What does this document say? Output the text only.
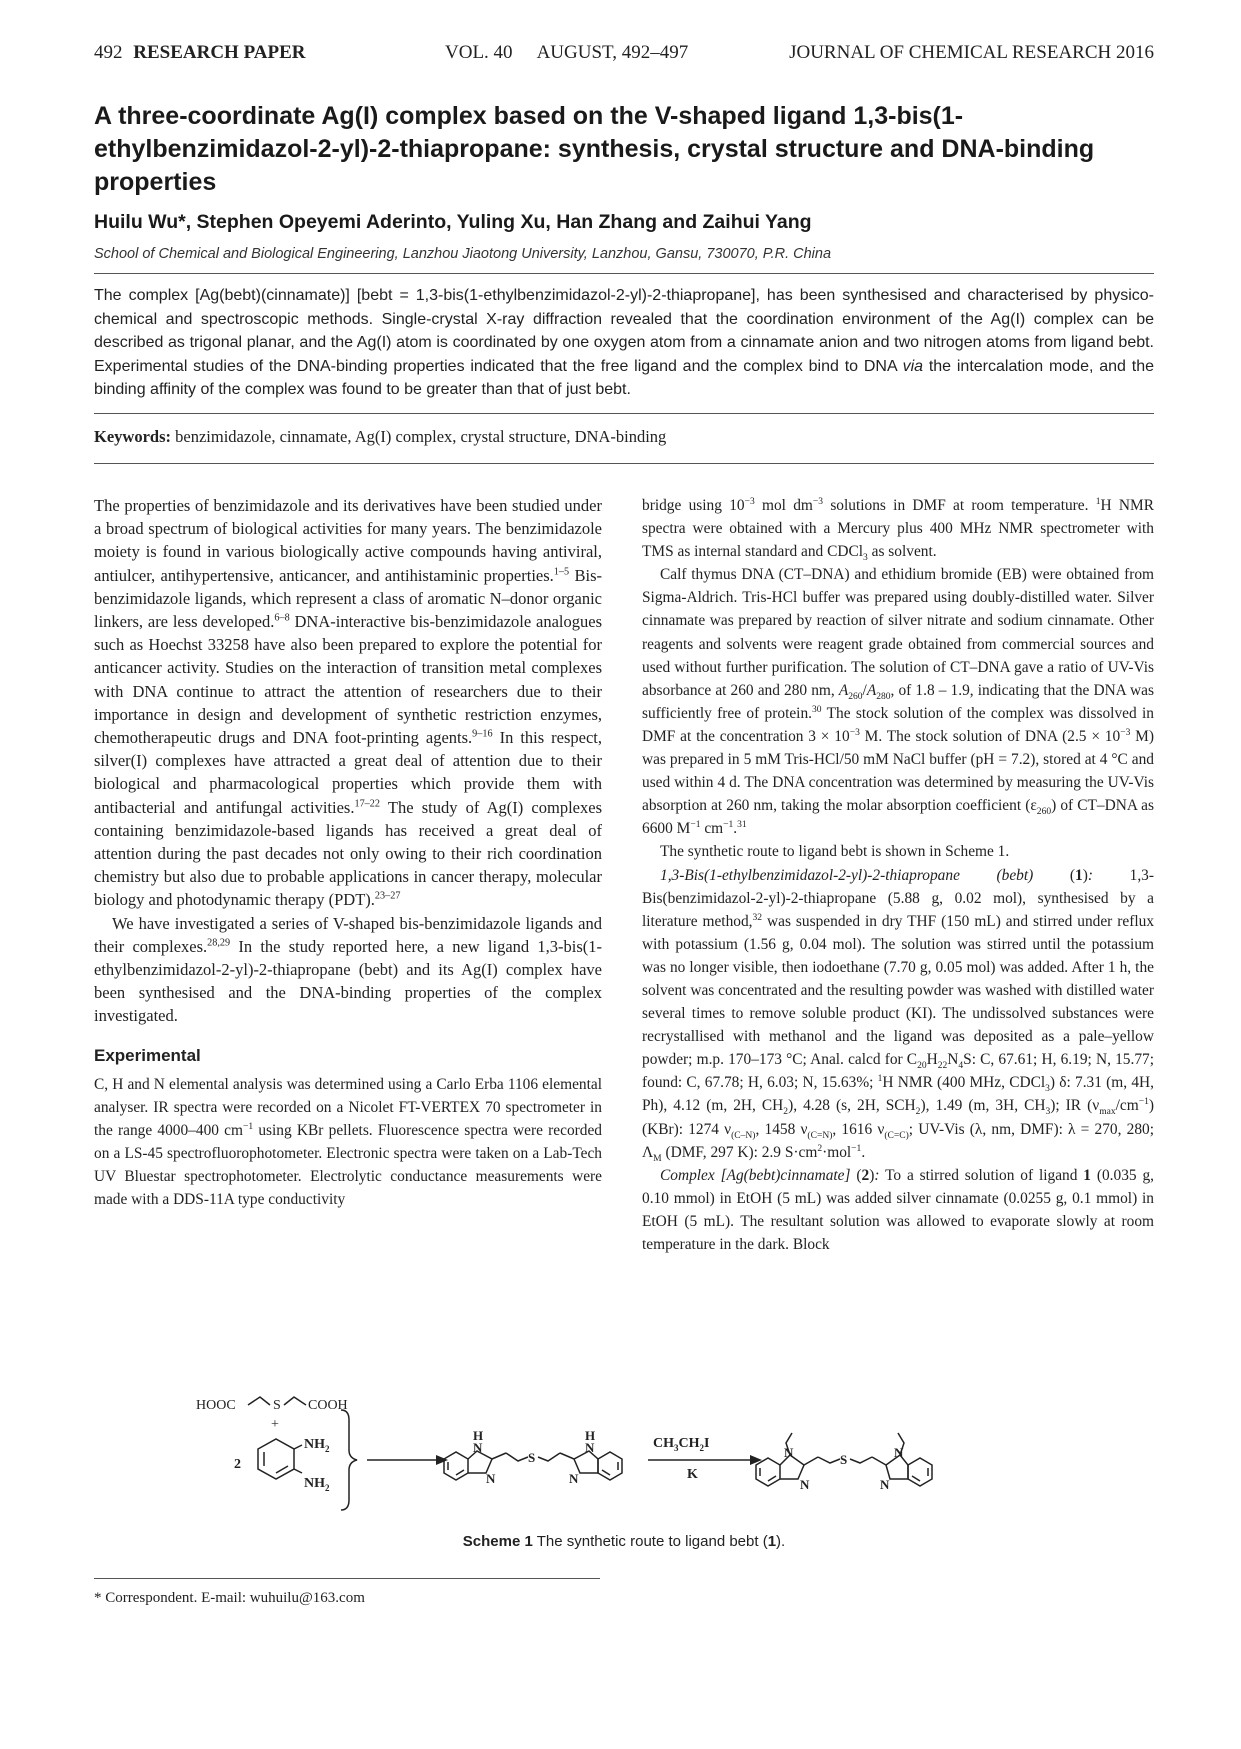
492 RESEARCH PAPER	VOL. 40 AUGUST, 492–497	JOURNAL OF CHEMICAL RESEARCH 2016
A three-coordinate Ag(I) complex based on the V-shaped ligand 1,3-bis(1-ethylbenzimidazol-2-yl)-2-thiapropane: synthesis, crystal structure and DNA-binding properties

Huilu Wu*, Stephen Opeyemi Aderinto, Yuling Xu, Han Zhang and Zaihui Yang

School of Chemical and Biological Engineering, Lanzhou Jiaotong University, Lanzhou, Gansu, 730070, P.R. China

The complex [Ag(bebt)(cinnamate)] [bebt = 1,3-bis(1-ethylbenzimidazol-2-yl)-2-thiapropane], has been synthesised and characterised by physico-chemical and spectroscopic methods. Single-crystal X-ray diffraction revealed that the coordination environment of the Ag(I) complex can be described as trigonal planar, and the Ag(I) atom is coordinated by one oxygen atom from a cinnamate anion and two nitrogen atoms from ligand bebt. Experimental studies of the DNA-binding properties indicated that the free ligand and the complex bind to DNA via the intercalation mode, and the binding affinity of the complex was found to be greater than that of just bebt.

Keywords: benzimidazole, cinnamate, Ag(I) complex, crystal structure, DNA-binding

The properties of benzimidazole and its derivatives have been studied under a broad spectrum of biological activities for many years. The benzimidazole moiety is found in various biologically active compounds having antiviral, antiulcer, antihypertensive, anticancer, and antihistaminic properties.$^{1-5}$ Bis-benzimidazole ligands, which represent a class of aromatic N–donor organic linkers, are less developed.$^{6-8}$ DNA-interactive bis-benzimidazole analogues such as Hoechst 33258 have also been prepared to explore the potential for anticancer activity. Studies on the interaction of transition metal complexes with DNA continue to attract the attention of researchers due to their importance in design and development of synthetic restriction enzymes, chemotherapeutic drugs and DNA foot-printing agents.$^{9-16}$ In this respect, silver(I) complexes have attracted a great deal of attention due to their biological and pharmacological properties which provide them with antibacterial and antifungal activities.$^{17-22}$ The study of Ag(I) complexes containing benzimidazole-based ligands has received a great deal of attention during the past decades not only owing to their rich coordination chemistry but also due to probable applications in cancer therapy, molecular biology and photodynamic therapy (PDT).$^{23-27}$

We have investigated a series of V-shaped bis-benzimidazole ligands and their complexes.$^{28,29}$ In the study reported here, a new ligand 1,3-bis(1-ethylbenzimidazol-2-yl)-2-thiapropane (bebt) and its Ag(I) complex have been synthesised and the DNA-binding properties of the complex investigated.

Experimental

C, H and N elemental analysis was determined using a Carlo Erba 1106 elemental analyser. IR spectra were recorded on a Nicolet FT-VERTEX 70 spectrometer in the range 4000–400 $cm^{-1}$ using KBr pellets. Fluorescence spectra were recorded on a LS-45 spectrofluorophotometer. Electronic spectra were taken on a Lab-Tech UV Bluestar spectrophotometer. Electrolytic conductance measurements were made with a DDS-11A type conductivity

bridge using $10^{-3}$ mol $dm^{-3}$ solutions in DMF at room temperature. $^1$H NMR spectra were obtained with a Mercury plus 400 MHz NMR spectrometer with TMS as internal standard and CDCl$_3$ as solvent.

Calf thymus DNA (CT–DNA) and ethidium bromide (EB) were obtained from Sigma-Aldrich. Tris-HCl buffer was prepared using doubly-distilled water. Silver cinnamate was prepared by reaction of silver nitrate and sodium cinnamate. Other reagents and solvents were reagent grade obtained from commercial sources and used without further purification. The solution of CT–DNA gave a ratio of UV-Vis absorbance at 260 and 280 nm, $A_{260}/A_{280}$, of 1.8 – 1.9, indicating that the DNA was sufficiently free of protein.$^{30}$ The stock solution of the complex was dissolved in DMF at the concentration $3 \times 10^{-3}$ M. The stock solution of DNA ($2.5 \times 10^{-3}$ M) was prepared in 5 mM Tris-HCl/50 mM NaCl buffer (pH = 7.2), stored at 4 °C and used within 4 d. The DNA concentration was determined by measuring the UV-Vis absorption at 260 nm, taking the molar absorption coefficient $(\varepsilon_{260})$ of CT–DNA as 6600 $M^{-1}$ $cm^{-1}.^{31}$

The synthetic route to ligand bebt is shown in Scheme 1.

1,3-Bis(1-ethylbenzimidazol-2-yl)-2-thiapropane (bebt) (1): 1,3-Bis(benzimidazol-2-yl)-2-thiapropane (5.88 g, 0.02 mol), synthesised by a literature method,$^{32}$ was suspended in dry THF (150 mL) and stirred under reflux with potassium (1.56 g, 0.04 mol). The solution was stirred until the potassium was no longer visible, then iodoethane (7.70 g, 0.05 mol) was added. After 1 h, the solvent was concentrated and the resulting powder was washed with distilled water several times to remove soluble product (KI). The undissolved substances were recrystallised with methanol and the ligand was deposited as a pale–yellow powder; m.p. 170–173 °C; Anal. calcd for $C_{20}H_{22}N_4S$: C, 67.61; H, 6.19; N, 15.77; found: C, 67.78; H, 6.03; N, 15.63%; $^1$H NMR (400 MHz, CDCl$_3$) δ: 7.31 (m, 4H, Ph), 4.12 (m, 2H, $CH_2$), 4.28 (s, 2H, $SCH_2$), 1.49 (m, 3H, $CH_3$); IR $(\nu_{max}/cm^{-1})$ (KBr): 1274 $\nu_{(C-N)}$, 1458 $\nu_{(C=N)}$, 1616 $\nu_{(C=C)}$; UV-Vis (λ, nm, DMF): λ = 270, 280; $\Lambda_M$ (DMF, 297 K): 2.9 $S\cdot cm^2\cdot mol^{-1}$.

Complex [Ag(bebt)cinnamate] (2): To a stirred solution of ligand 1 (0.035 g, 0.10 mmol) in EtOH (5 mL) was added silver cinnamate (0.0255 g, 0.1 mmol) in EtOH (5 mL). The resultant solution was allowed to evaporate slowly at room temperature in the dark. Block

HOOC	S COOH
+
2
$NH_2$
$NH_2$
H
N
N
S
H
N
N
$CH_3CH_2I$
K
N
N
S	N
N

Scheme 1 The synthetic route to ligand bebt (1).

* Correspondent. E-mail: wuhuilu@163.com
